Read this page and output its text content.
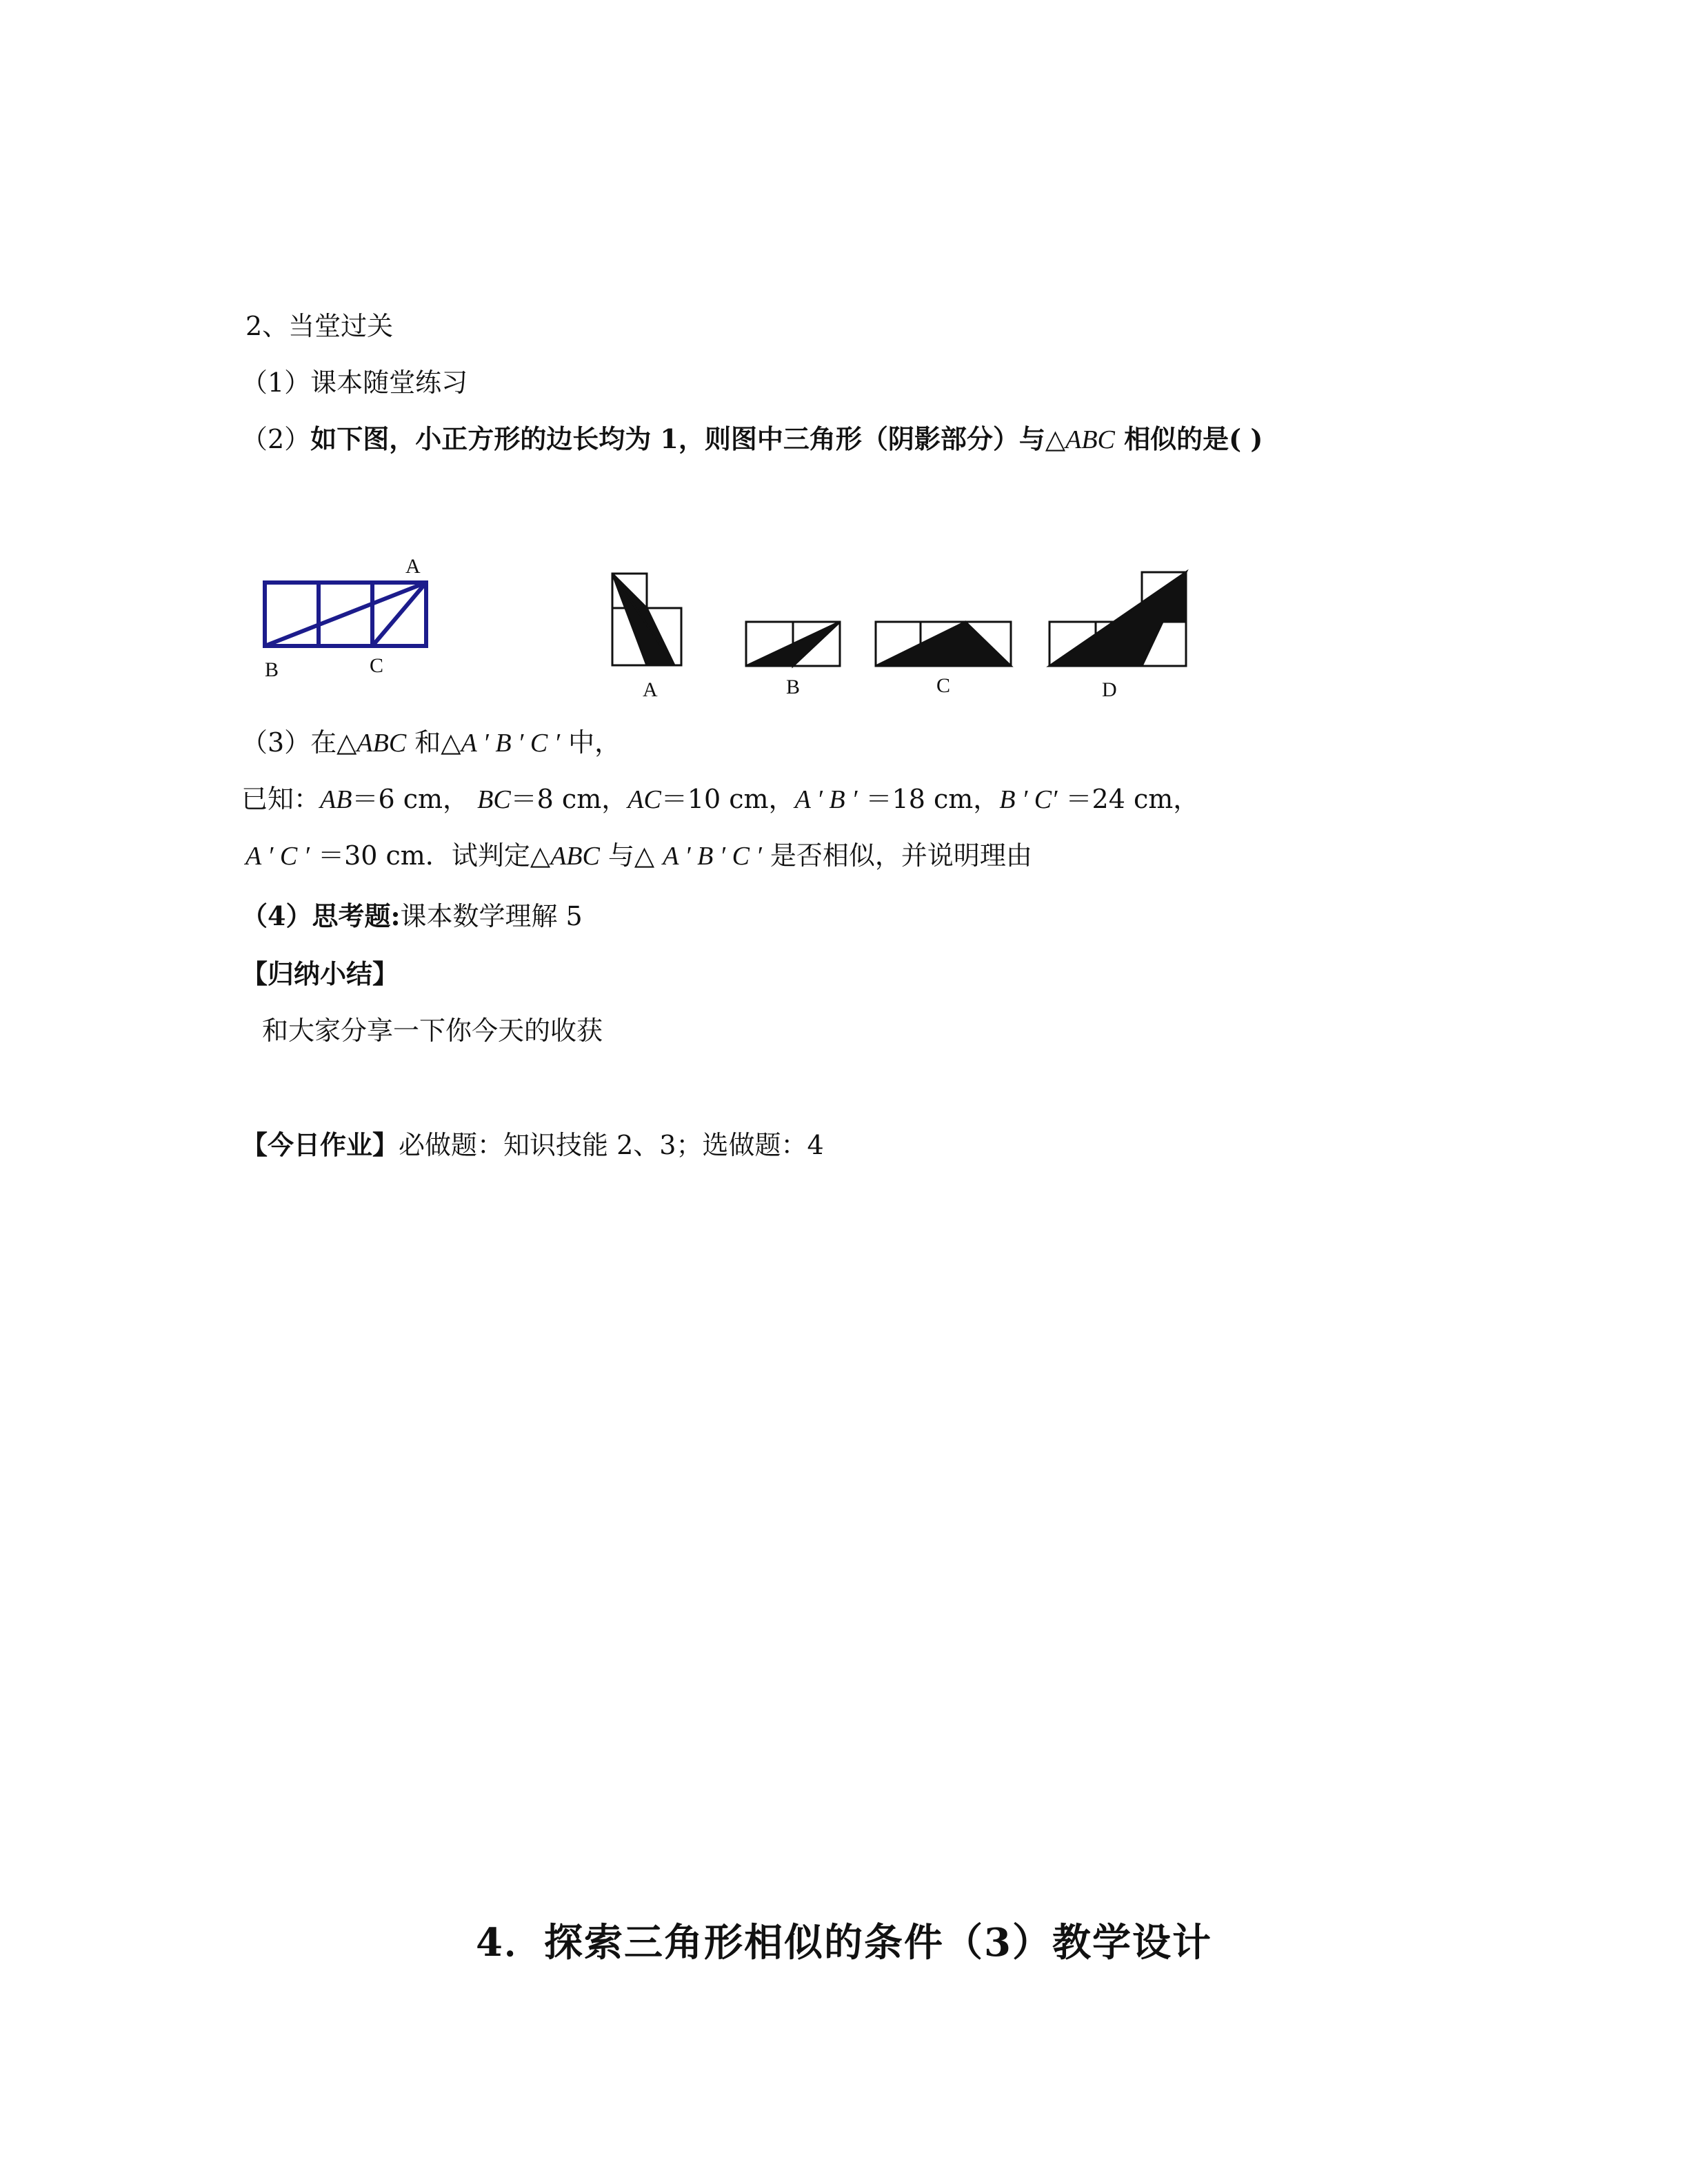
2、当堂过关
（1）课本随堂练习
（2）如下图，小正方形的边长均为 1，则图中三角形（阴影部分）与△ABC 相似的是( )
A
B	C
A	B	C	D
（3）在△ABC 和△A ′ B ′ C ′ 中，
已知：AB＝6 cm， BC＝8 cm，AC＝10 cm，A ′ B ′ ＝18 cm，B ′ C′ ＝24 cm，
A ′ C ′ ＝30 cm．试判定△ABC 与△ A ′ B ′ C ′ 是否相似，并说明理由
（4）思考题:课本数学理解 5
【归纳小结】
和大家分享一下你今天的收获
【今日作业】必做题：知识技能 2、3；选做题：4
4．探索三角形相似的条件（3）教学设计
